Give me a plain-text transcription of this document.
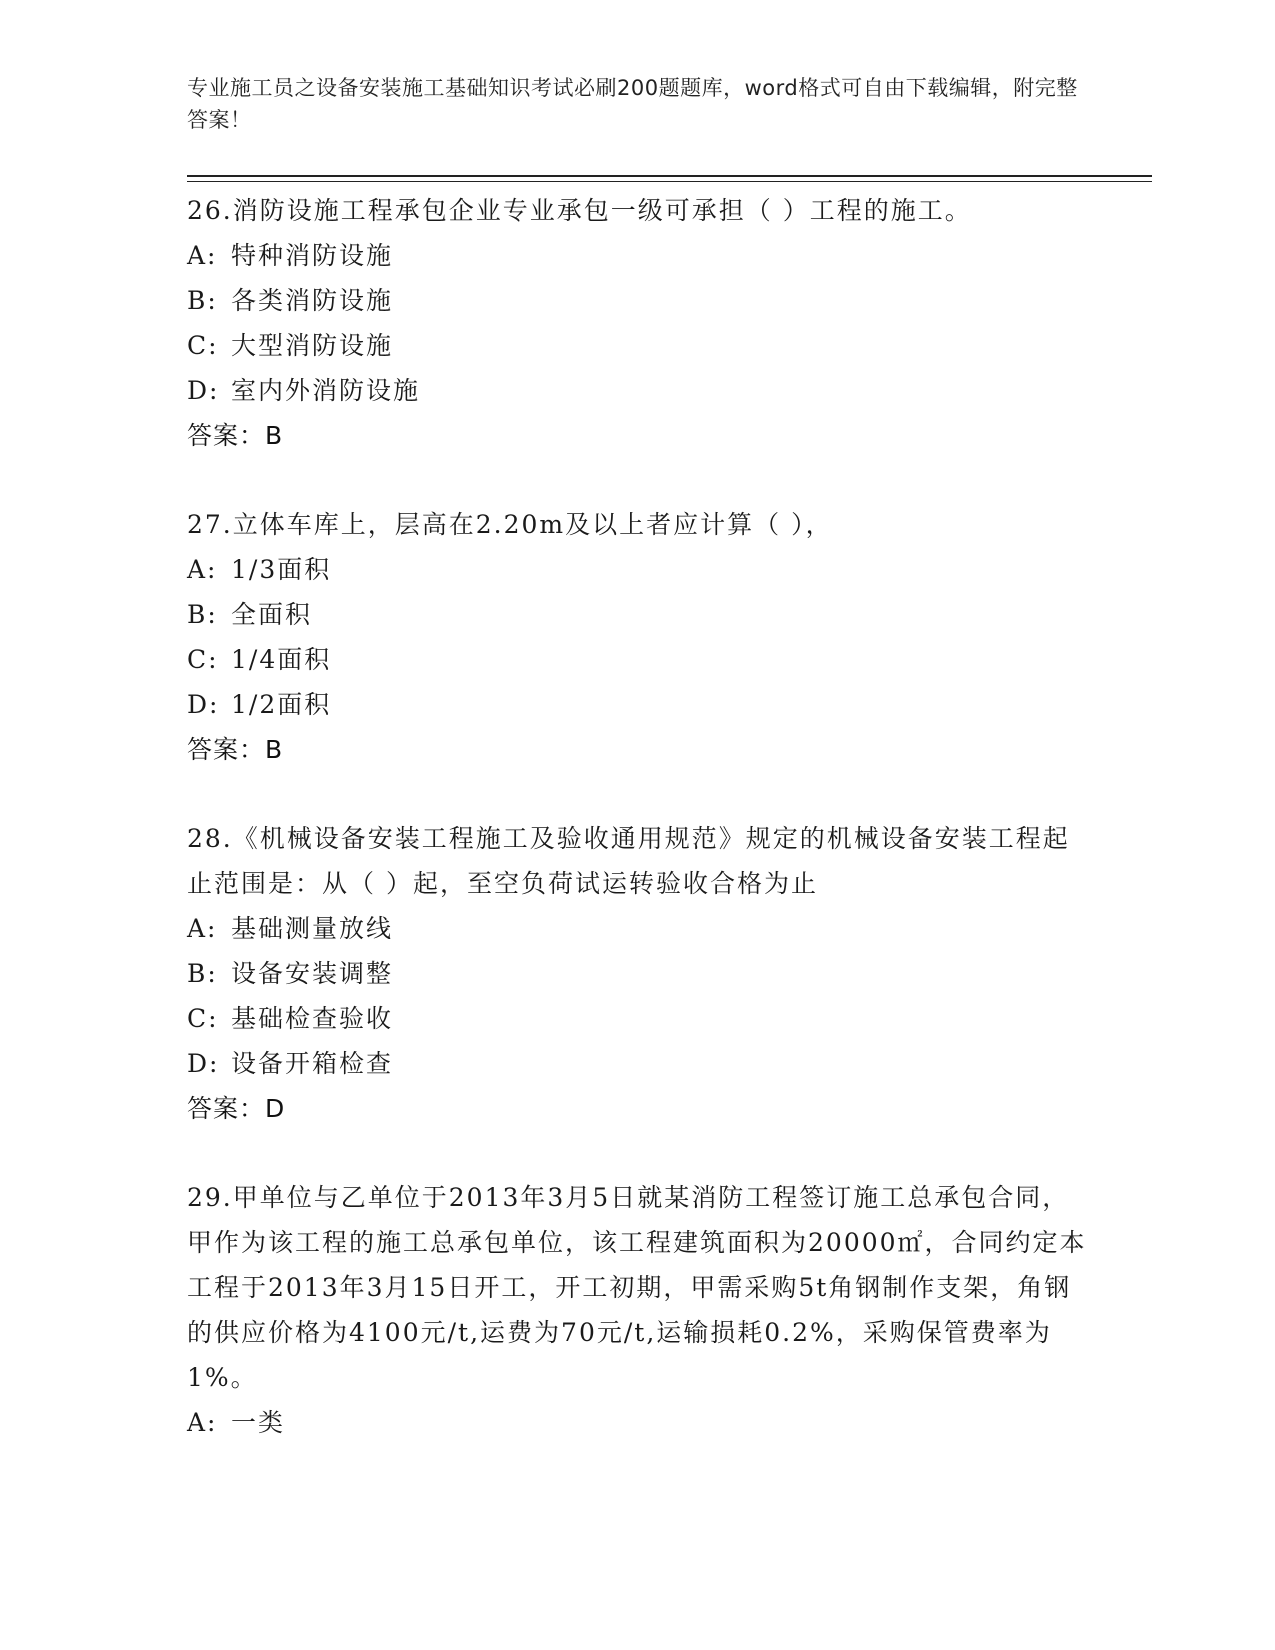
专业施工员之设备安装施工基础知识考试必刷200题题库，word格式可自由下载编辑，附完整答案！

26.消防设施工程承包企业专业承包一级可承担（ ）工程的施工。

A: 特种消防设施
B: 各类消防设施
C: 大型消防设施
D: 室内外消防设施
答案：B

27.立体车库上，层高在2.20m及以上者应计算（ ），

A: 1/3面积
B: 全面积
C: 1/4面积
D: 1/2面积
答案：B

28.《机械设备安装工程施工及验收通用规范》规定的机械设备安装工程起止范围是：从（ ）起，至空负荷试运转验收合格为止

A: 基础测量放线
B: 设备安装调整
C: 基础检查验收
D: 设备开箱检查
答案：D

29.甲单位与乙单位于2013年3月5日就某消防工程签订施工总承包合同，甲作为该工程的施工总承包单位，该工程建筑面积为20000㎡，合同约定本工程于2013年3月15日开工，开工初期，甲需采购5t角钢制作支架，角钢的供应价格为4100元/t,运费为70元/t,运输损耗0.2%，采购保管费率为1%。

A: 一类
